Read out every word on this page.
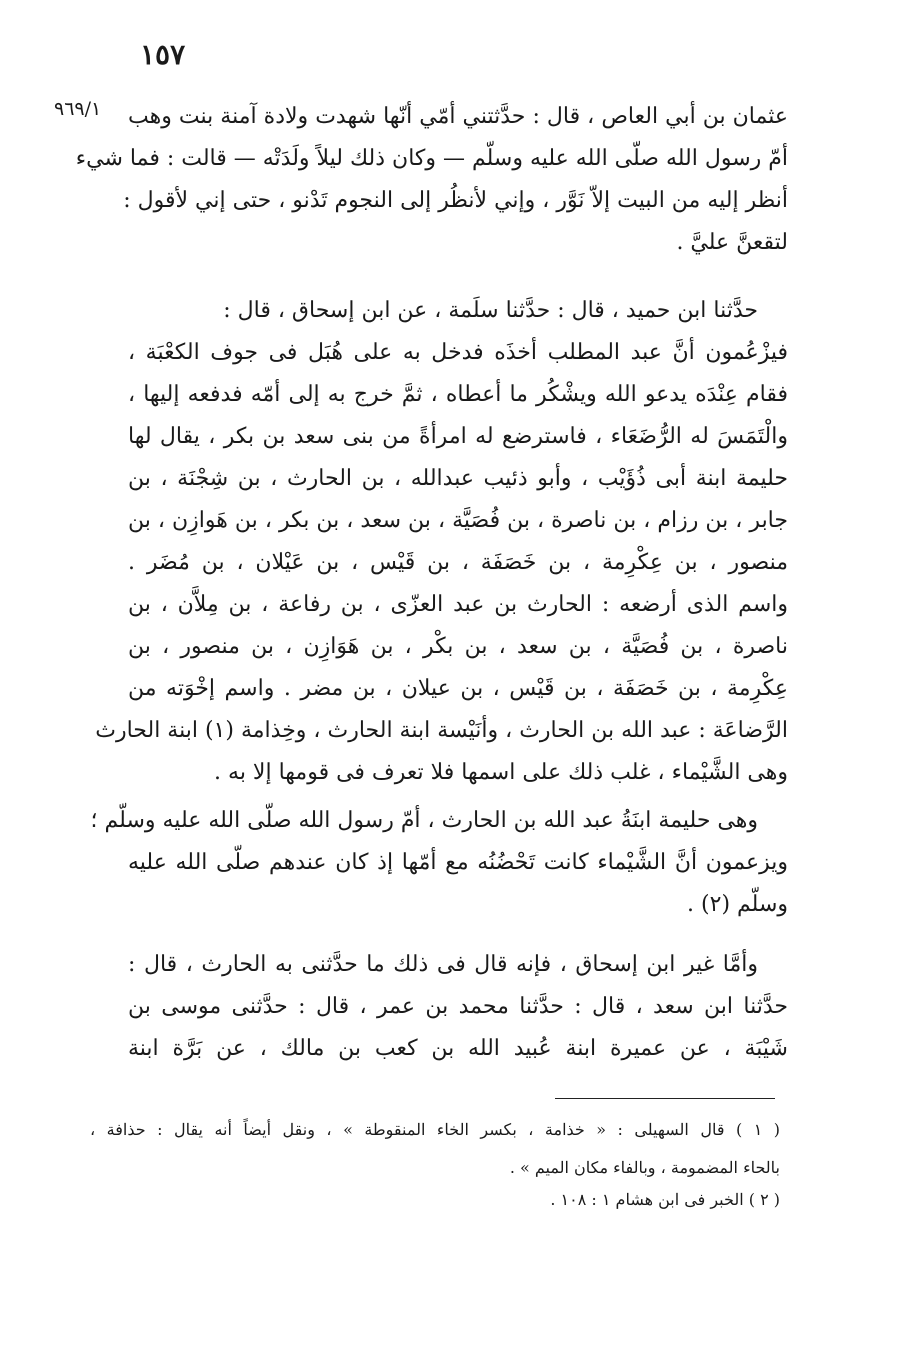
١٥٧
٩٦٩/١ عثمان بن أبي العاص ، قال : حدَّثتني أمّي أنّها شهدت ولادة آمنة بنت وهب
أمّ رسول الله صلّى الله عليه وسلّم — وكان ذلك ليلاً ولَدَتْه — قالت : فما شيء
أنظر إليه من البيت إلاّ نَوَّر ، وإني لأنظُر إلى النجوم تَدْنو ، حتى إني لأقول :
لتقعنَّ عليَّ .
حدَّثنا ابن حميد ، قال : حدَّثنا سلَمة ، عن ابن إسحاق ، قال :
فيزْعُمون أنَّ عبد المطلب أخذَه فدخل به على هُبَل فى جوف الكعْبَة ،
فقام عِنْدَه يدعو الله ويشْكُر ما أعطاه ، ثمَّ خرج به إلى أمّه فدفعه إليها ،
والْتَمَسَ له الرُّضَعَاء ، فاسترضع له امرأةً من بنى سعد بن بكر ، يقال لها
حليمة ابنة أبى ذُؤَيْب ، وأبو ذئيب عبدالله ، بن الحارث ، بن شِجْنَة ، بن
جابر ، بن رزام ، بن ناصرة ، بن فُصَيَّة ، بن سعد ، بن بكر ، بن هَوازِن ، بن
منصور ، بن عِكْرِمة ، بن خَصَفَة ، بن قَيْس ، بن عَيْلان ، بن مُضَر .
واسم الذى أرضعه : الحارث بن عبد العزّى ، بن رفاعة ، بن مِلاَّن ، بن
ناصرة ، بن فُصَيَّة ، بن سعد ، بن بكْر ، بن هَوَازِن ، بن منصور ، بن
عِكْرِمة ، بن خَصَفَة ، بن قَيْس ، بن عيلان ، بن مضر . واسم إخْوَته من
الرَّضاعَة : عبد الله بن الحارث ، وأنَيْسة ابنة الحارث ، وخِذامة (١) ابنة الحارث
وهى الشَّيْماء ، غلب ذلك على اسمها فلا تعرف فى قومها إلا به .
وهى حليمة ابنَةُ عبد الله بن الحارث ، أمّ رسول الله صلّى الله عليه وسلّم ؛
ويزعمون أنَّ الشَّيْماء كانت تَحْضُنُه مع أمّها إذ كان عندهم صلّى الله عليه
وسلّم (٢) .
وأمَّا غير ابن إسحاق ، فإنه قال فى ذلك ما حدَّثنى به الحارث ، قال :
حدَّثنا ابن سعد ، قال : حدَّثنا محمد بن عمر ، قال : حدَّثنى موسى بن
شَيْبَة ، عن عميرة ابنة عُبيد الله بن كعب بن مالك ، عن بَرَّة ابنة
( ١ ) قال السهيلى : « خذامة ، بكسر الخاء المنقوطة » ، ونقل أيضاً أنه يقال : حذافة ،
بالحاء المضمومة ، وبالفاء مكان الميم » .
( ٢ ) الخبر فى ابن هشام ١ : ١٠٨ .
